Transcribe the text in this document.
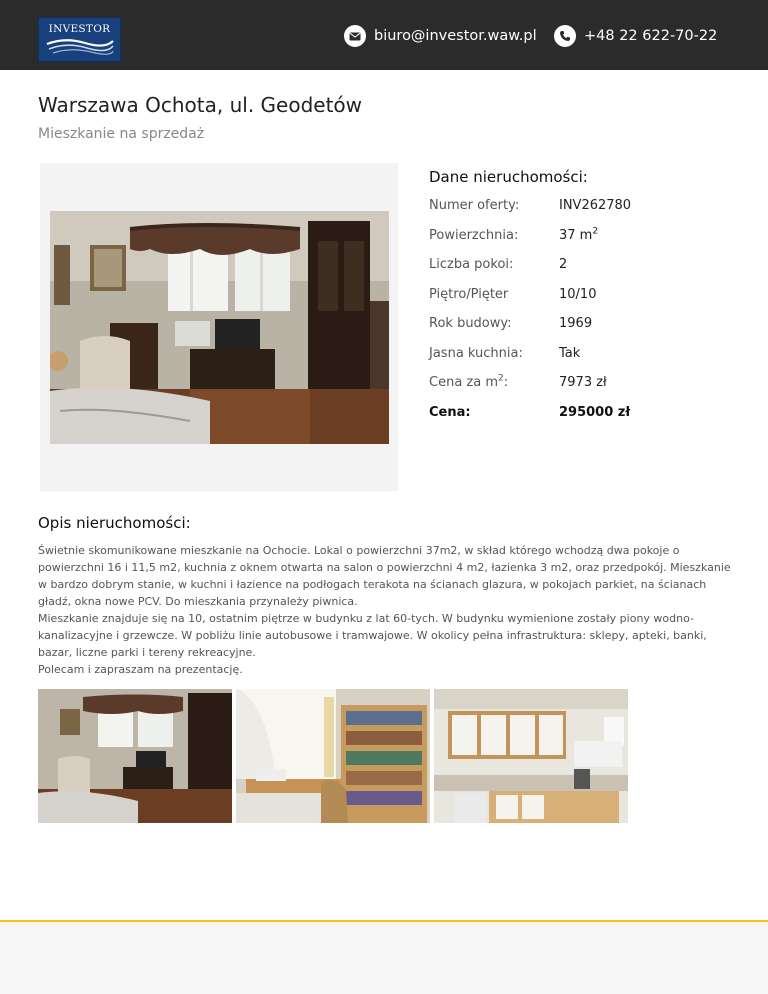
INVESTOR	biuro@investor.waw.pl	+48 22 622-70-22
Warszawa Ochota, ul. Geodetów
Mieszkanie na sprzedaż
Dane nieruchomości:
Numer oferty:	INV262780
Powierzchnia:	37 $m^2$
Liczba pokoi:	2
Piętro/Pięter	10/10
Rok budowy:	1969
Jasna kuchnia:	Tak
Cena za $m^2$:	7973 zł
Cena:	295000 zł
Opis nieruchomości:

Świetnie skomunikowane mieszkanie na Ochocie. Lokal o powierzchni 37m2, w skład którego wchodzą dwa pokoje o powierzchni 16 i 11,5 m2, kuchnia z oknem otwarta na salon o powierzchni 4 m2, łazienka 3 m2, oraz przedpokój. Mieszkanie w bardzo dobrym stanie, w kuchni i łazience na podłogach terakota na ścianach glazura, w pokojach parkiet, na ścianach gładź, okna nowe PCV. Do mieszkania przynależy piwnica.

Mieszkanie znajduje się na 10, ostatnim piętrze w budynku z lat 60-tych. W budynku wymienione zostały piony wodno-kanalizacyjne i grzewcze. W pobliżu linie autobusowe i tramwajowe. W okolicy pełna infrastruktura: sklepy, apteki, banki, bazar, liczne parki i tereny rekreacyjne.

Polecam i zapraszam na prezentację.
